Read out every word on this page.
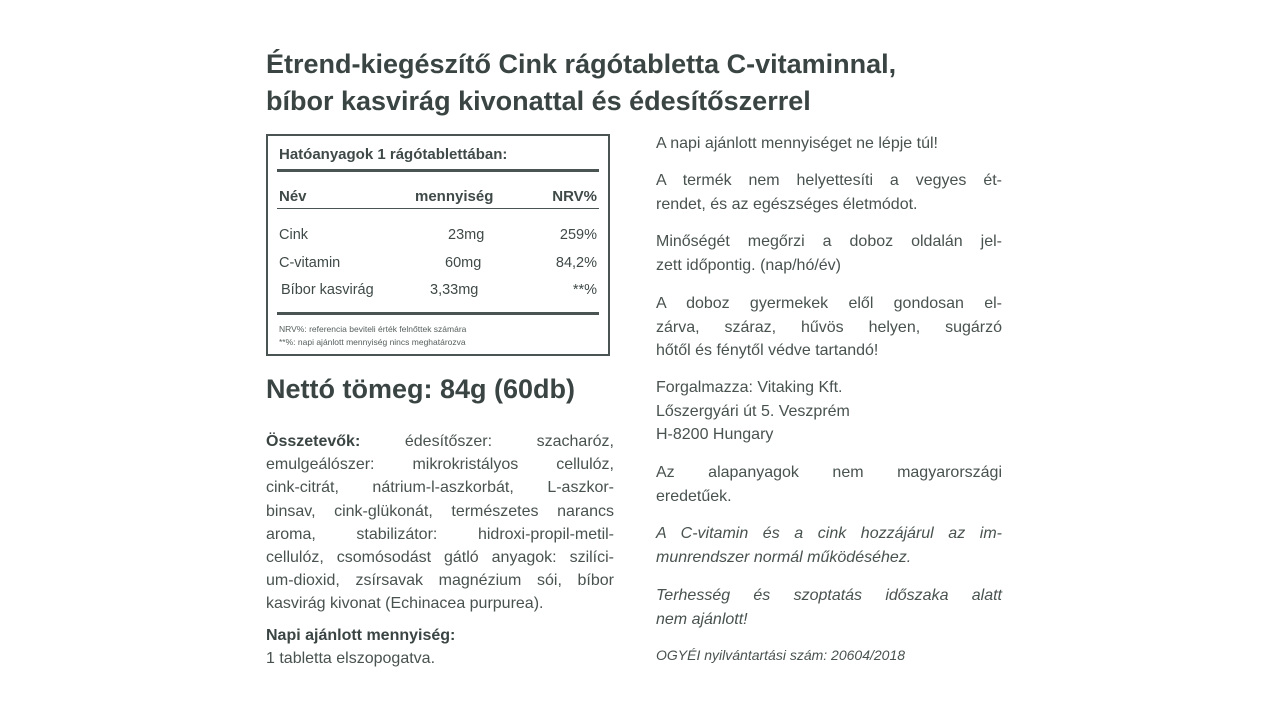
Étrend-kiegészítő Cink rágótabletta C-vitaminnal,
bíbor kasvirág kivonattal és édesítőszerrel
Hatóanyagok 1 rágótablettában:
Név	mennyiség	NRV%
Cink	23mg	259%
C-vitamin	60mg	84,2%
Bíbor kasvirág	3,33mg	**%
NRV%: referencia beviteli érték felnőttek számára
**%: napi ajánlott mennyiség nincs meghatározva
Nettó tömeg: 84g (60db)
Összetevők: édesítőszer: szacharóz,
emulgeálószer: mikrokristályos cellulóz,
cink-citrát, nátrium-l-aszkorbát, L-aszkor-
binsav, cink-glükonát, természetes narancs
aroma, stabilizátor: hidroxi-propil-metil-
cellulóz, csomósodást gátló anyagok: szilíci-
um-dioxid, zsírsavak magnézium sói, bíbor
kasvirág kivonat (Echinacea purpurea).
Napi ajánlott mennyiség:
1 tabletta elszopogatva.
A napi ajánlott mennyiséget ne lépje túl!
A termék nem helyettesíti a vegyes ét-
rendet, és az egészséges életmódot.
Minőségét megőrzi a doboz oldalán jel-
zett időpontig. (nap/hó/év)
A doboz gyermekek elől gondosan el-
zárva, száraz, hűvös helyen, sugárzó
hőtől és fénytől védve tartandó!
Forgalmazza: Vitaking Kft.
Lőszergyári út 5. Veszprém
H-8200 Hungary
Az alapanyagok nem magyarországi
eredetűek.
A C-vitamin és a cink hozzájárul az im-
munrendszer normál működéséhez.
Terhesség és szoptatás időszaka alatt
nem ajánlott!
OGYÉI nyilvántartási szám: 20604/2018
